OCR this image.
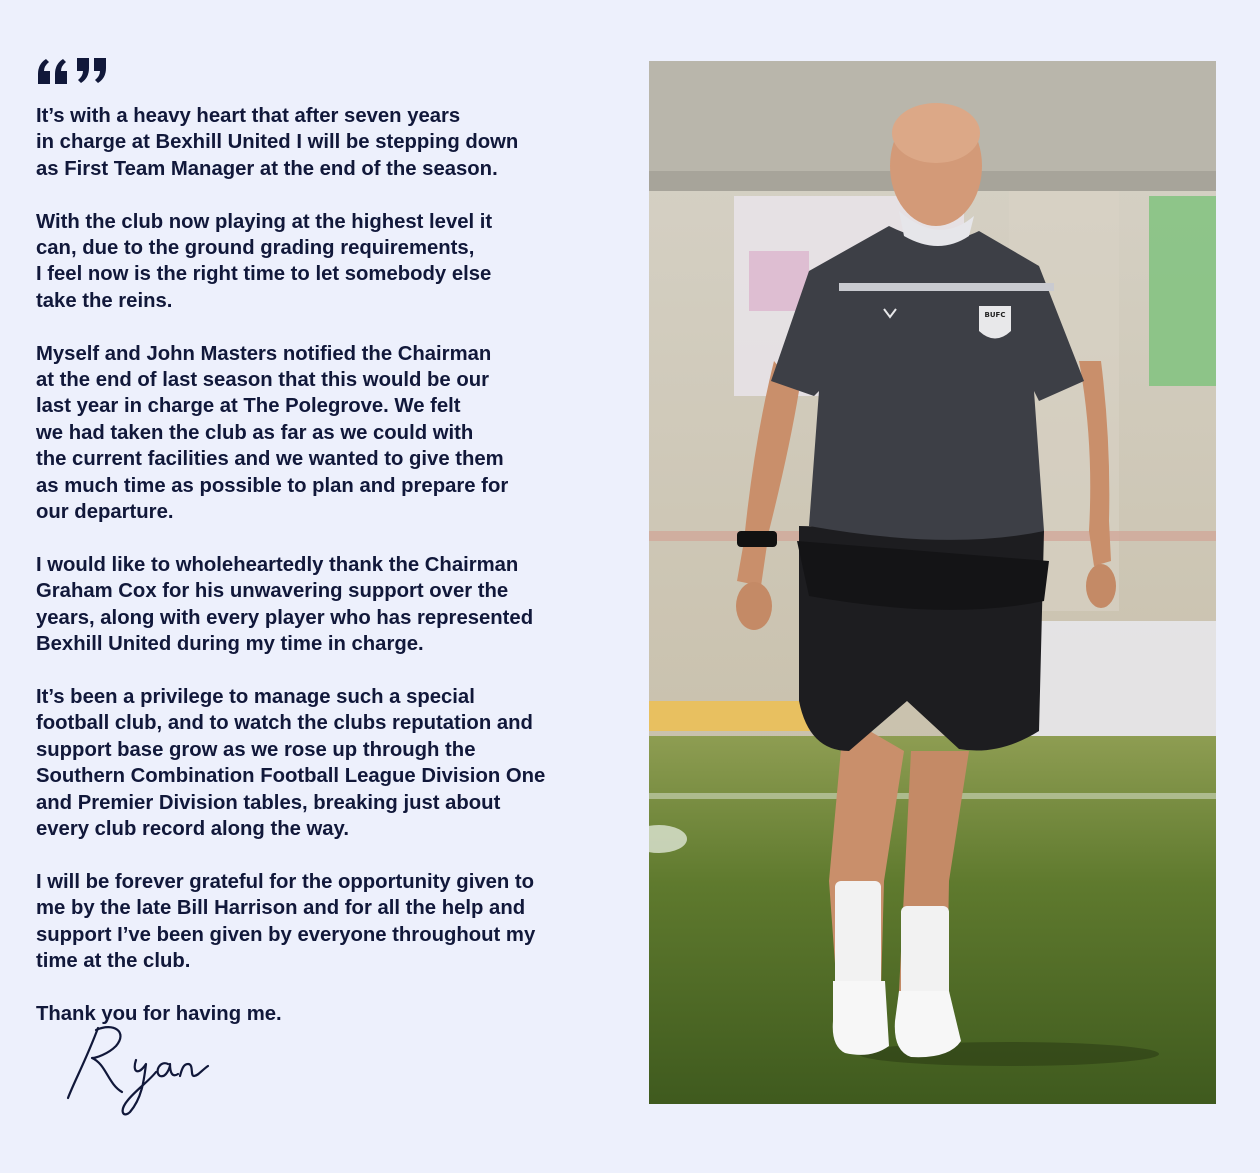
It’s with a heavy heart that after seven years
in charge at Bexhill United I will be stepping down
as First Team Manager at the end of the season.

With the club now playing at the highest level it
can, due to the ground grading requirements,
I feel now is the right time to let somebody else
take the reins.

Myself and John Masters notified the Chairman
at the end of last season that this would be our
last year in charge at The Polegrove. We felt
we had taken the club as far as we could with
the current facilities and we wanted to give them
as much time as possible to plan and prepare for
our departure.

I would like to wholeheartedly thank the Chairman
Graham Cox for his unwavering support over the
years, along with every player who has represented
Bexhill United during my time in charge.

It’s been a privilege to manage such a special
football club, and to watch the clubs reputation and
support base grow as we rose up through the
Southern Combination Football League Division One
and Premier Division tables, breaking just about
every club record along the way.

I will be forever grateful for the opportunity given to
me by the late Bill Harrison and for all the help and
support I’ve been given by everyone throughout my
time at the club.

Thank you for having me.

BUFC
